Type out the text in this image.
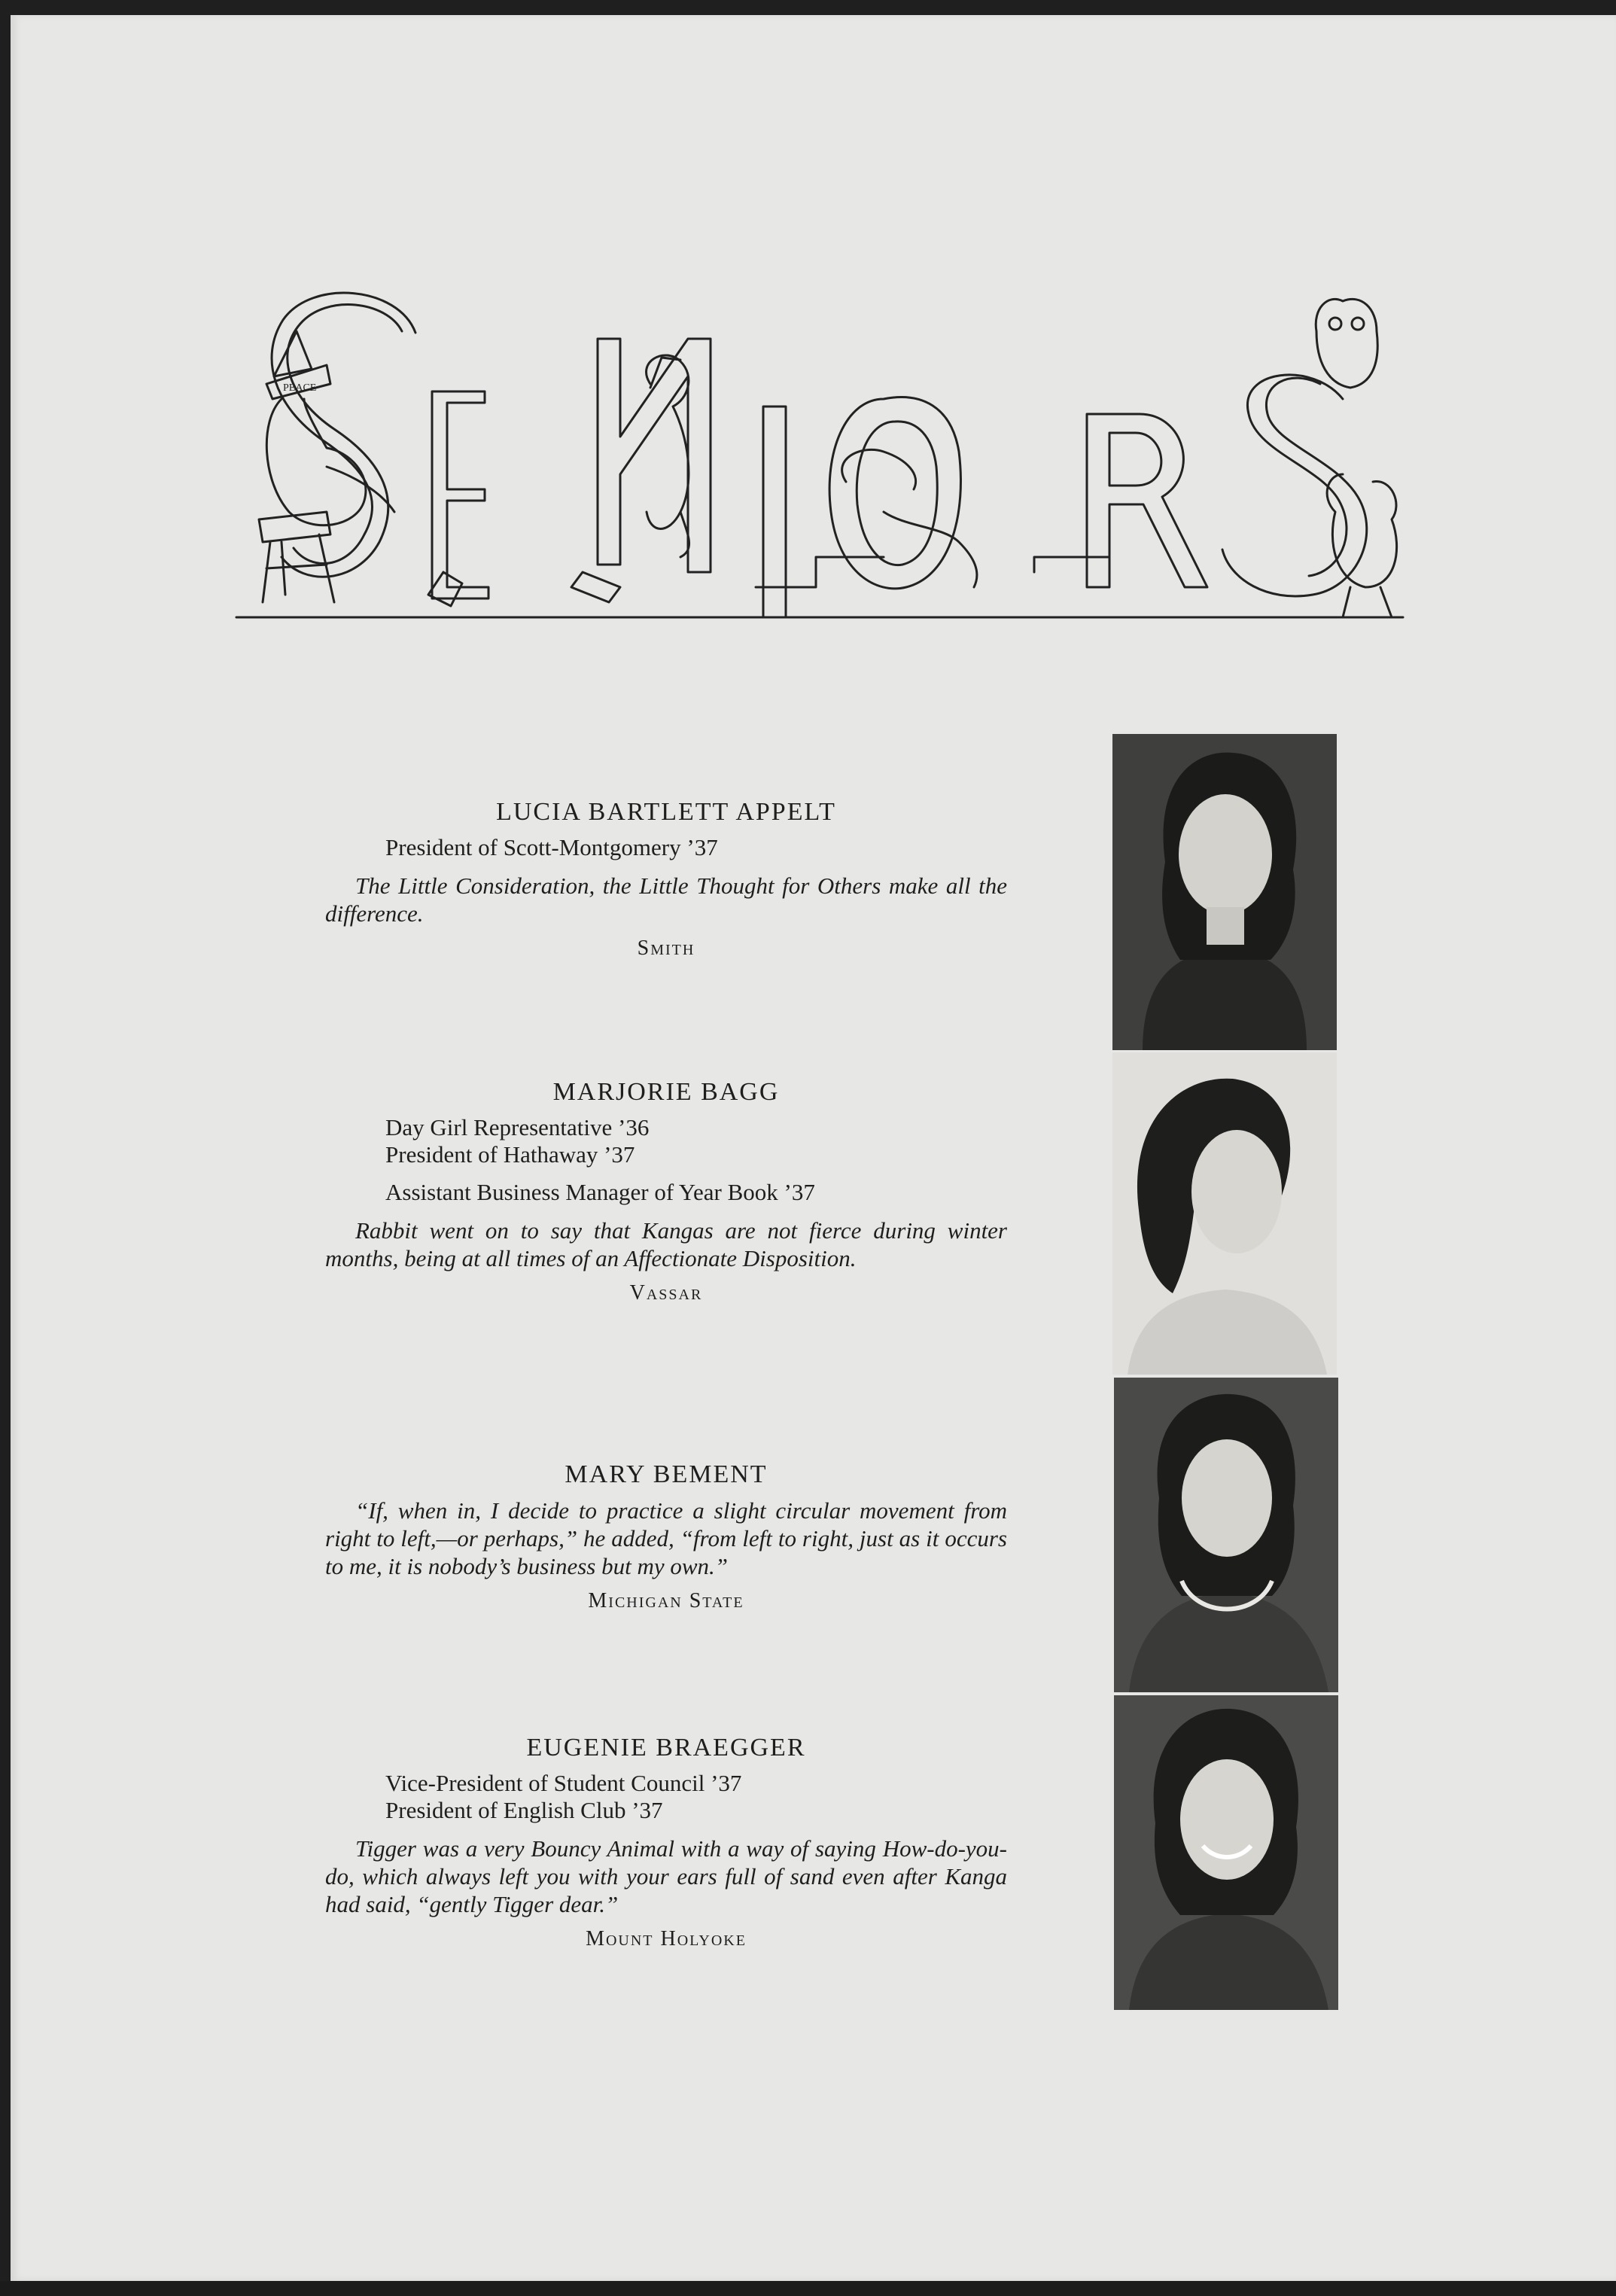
PEACE
LUCIA BARTLETT APPELT
President of Scott-Montgomery ’37
The Little Consideration, the Little Thought for Others make all the difference.
Smith
MARJORIE BAGG
Day Girl Representative ’36
President of Hathaway ’37
Assistant Business Manager of Year Book ’37
Rabbit went on to say that Kangas are not fierce during winter months, being at all times of an Affectionate Disposition.
Vassar
MARY BEMENT
“If, when in, I decide to practice a slight circular movement from right to left,—or perhaps,” he added, “from left to right, just as it occurs to me, it is nobody’s business but my own.”
Michigan State
EUGENIE BRAEGGER
Vice-President of Student Council ’37
President of English Club ’37
Tigger was a very Bouncy Animal with a way of saying How-do-you-do, which always left you with your ears full of sand even after Kanga had said, “gently Tigger dear.”
Mount Holyoke
